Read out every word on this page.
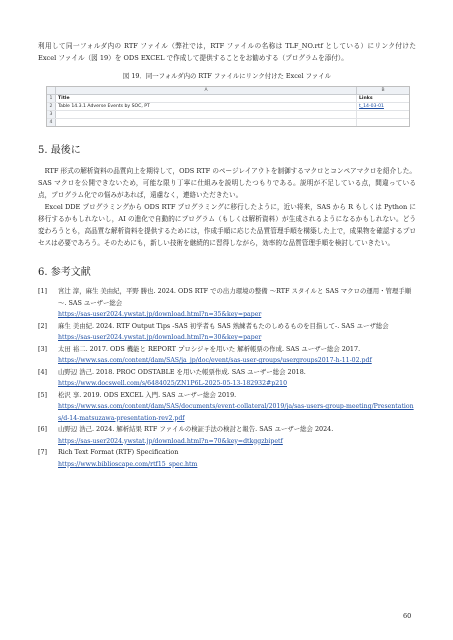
利用して同一フォルダ内の RTF ファイル（弊社では，RTF ファイルの名称は TLF_NO.rtf としている）にリンク付けた Excel ファイル（図 19）を ODS EXCEL で作成して提供することをお勧めする（プログラムを添付）。

図 19．同一フォルダ内の RTF ファイルにリンク付けた Excel ファイル
A	B
1	Title	Links
2	Table 14.3.1 Adverse Events by SOC, PT	t_14-03-01
3
4
5. 最後に

RTF 形式の解析資料の品質向上を期待して，ODS RTF のページレイアウトを制御するマクロとコンペアマクロを紹介した。SAS マクロを公開できないため，可能な限り丁寧に仕組みを説明したつもりである。説明が不足している点，間違っている点，プログラム化での悩みがあれば，遠慮なく，連絡いただきたい。

Excel DDE プログラミングから ODS RTF プログラミングに移行したように，近い将来，SAS から R もしくは Python に移行するかもしれないし，AI の進化で自動的にプログラム（もしくは解析資料）が生成されるようになるかもしれない。どう変わろうとも，高品質な解析資料を提供するためには，作成手順に応じた品質管理手順を構築した上で，成果物を確認するプロセスは必要であろう。そのためにも，新しい技術を継続的に習得しながら，効率的な品質管理手順を検討していきたい。

6. 参考文献
[1]	宮辻 淳，麻生 美由紀，平野 勝也. 2024. ODS RTF での出力環境の整備 ～RTF スタイルと SAS マクロの運用・管理手順～. SAS ユーザー総会
https://sas-user2024.ywstat.jp/download.html?n=35&key=paper
[2]	麻生 美由紀. 2024. RTF Output Tips -SAS 初学者も SAS 熟練者もたのしめるものを目指して-. SAS ユーザ総会
https://sas-user2024.ywstat.jp/download.html?n=30&key=paper
[3]	太田 裕二. 2017. ODS 機能と REPORT プロシジャを用いた 解析帳票の作成. SAS ユーザー総会 2017.
https://www.sas.com/content/dam/SAS/ja_jp/doc/event/sas-user-groups/usergroups2017-h-11-02.pdf
[4]	山野辺 浩己. 2018. PROC ODSTABLE を用いた帳票作成. SAS ユーザー総会 2018.
https://www.docswell.com/s/6484025/ZN1P6L-2025-05-13-182932#p210
[5]	松沢 享. 2019. ODS EXCEL 入門. SAS ユーザー総会 2019.
https://www.sas.com/content/dam/SAS/documents/event-collateral/2019/ja/sas-users-group-meeting/Presentations/d-14-matsuzawa-presentation-rev2.pdf
[6]	山野辺 浩己. 2024. 解析結果 RTF ファイルの検証手法の検討と報告. SAS ユーザー総会 2024.
https://sas-user2024.ywstat.jp/download.html?n=70&key=dtkggzbipetf
[7]	Rich Text Format (RTF) Specification
https://www.biblioscape.com/rtf15_spec.htm
60
